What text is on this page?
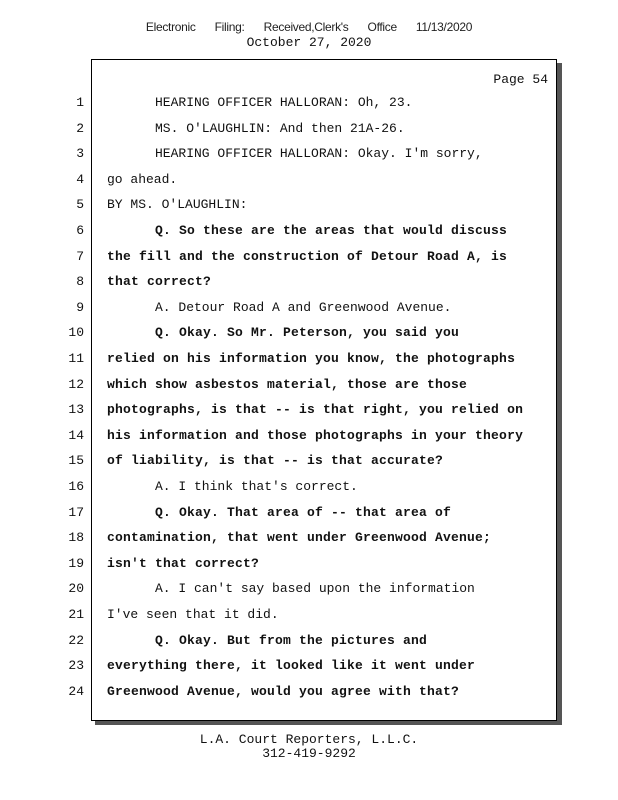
Electronic Filing: Received,Clerk's Office 11/13/2020
October 27, 2020
Page 54
1	HEARING OFFICER HALLORAN: Oh, 23.
2	MS. O'LAUGHLIN: And then 21A-26.
3	HEARING OFFICER HALLORAN: Okay. I'm sorry,
4 go ahead.
5 BY MS. O'LAUGHLIN:
6	Q. So these are the areas that would discuss
7 the fill and the construction of Detour Road A, is
8 that correct?
9	A. Detour Road A and Greenwood Avenue.
10	Q. Okay. So Mr. Peterson, you said you
11 relied on his information you know, the photographs
12 which show asbestos material, those are those
13 photographs, is that -- is that right, you relied on
14 his information and those photographs in your theory
15 of liability, is that -- is that accurate?
16	A. I think that's correct.
17	Q. Okay. That area of -- that area of
18 contamination, that went under Greenwood Avenue;
19 isn't that correct?
20	A. I can't say based upon the information
21 I've seen that it did.
22	Q. Okay. But from the pictures and
23 everything there, it looked like it went under
24 Greenwood Avenue, would you agree with that?
L.A. Court Reporters, L.L.C.
312-419-9292
